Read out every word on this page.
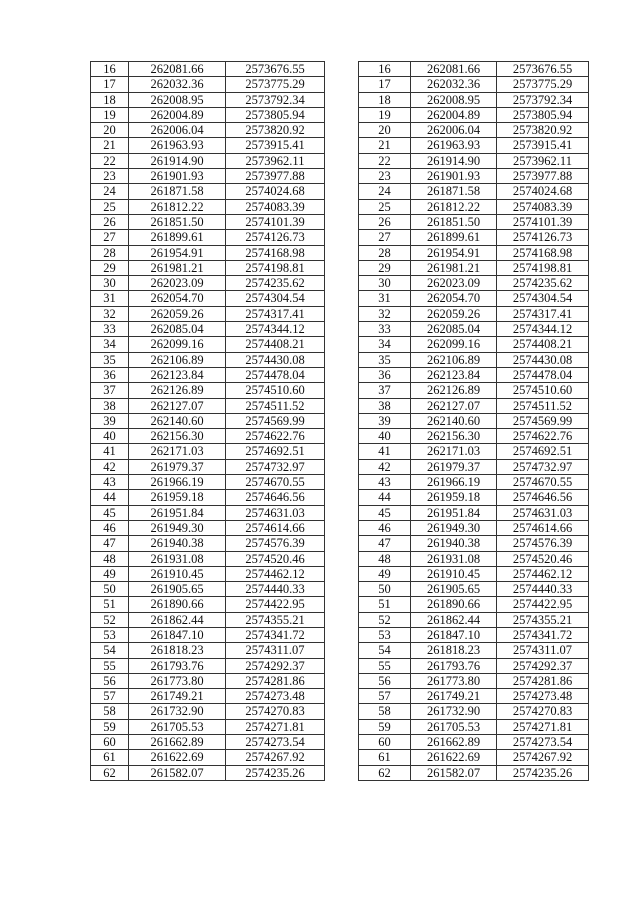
16	262081.66	2573676.55
17	262032.36	2573775.29
18	262008.95	2573792.34
19	262004.89	2573805.94
20	262006.04	2573820.92
21	261963.93	2573915.41
22	261914.90	2573962.11
23	261901.93	2573977.88
24	261871.58	2574024.68
25	261812.22	2574083.39
26	261851.50	2574101.39
27	261899.61	2574126.73
28	261954.91	2574168.98
29	261981.21	2574198.81
30	262023.09	2574235.62
31	262054.70	2574304.54
32	262059.26	2574317.41
33	262085.04	2574344.12
34	262099.16	2574408.21
35	262106.89	2574430.08
36	262123.84	2574478.04
37	262126.89	2574510.60
38	262127.07	2574511.52
39	262140.60	2574569.99
40	262156.30	2574622.76
41	262171.03	2574692.51
42	261979.37	2574732.97
43	261966.19	2574670.55
44	261959.18	2574646.56
45	261951.84	2574631.03
46	261949.30	2574614.66
47	261940.38	2574576.39
48	261931.08	2574520.46
49	261910.45	2574462.12
50	261905.65	2574440.33
51	261890.66	2574422.95
52	261862.44	2574355.21
53	261847.10	2574341.72
54	261818.23	2574311.07
55	261793.76	2574292.37
56	261773.80	2574281.86
57	261749.21	2574273.48
58	261732.90	2574270.83
59	261705.53	2574271.81
60	261662.89	2574273.54
61	261622.69	2574267.92
62	261582.07	2574235.26
16	262081.66	2573676.55
17	262032.36	2573775.29
18	262008.95	2573792.34
19	262004.89	2573805.94
20	262006.04	2573820.92
21	261963.93	2573915.41
22	261914.90	2573962.11
23	261901.93	2573977.88
24	261871.58	2574024.68
25	261812.22	2574083.39
26	261851.50	2574101.39
27	261899.61	2574126.73
28	261954.91	2574168.98
29	261981.21	2574198.81
30	262023.09	2574235.62
31	262054.70	2574304.54
32	262059.26	2574317.41
33	262085.04	2574344.12
34	262099.16	2574408.21
35	262106.89	2574430.08
36	262123.84	2574478.04
37	262126.89	2574510.60
38	262127.07	2574511.52
39	262140.60	2574569.99
40	262156.30	2574622.76
41	262171.03	2574692.51
42	261979.37	2574732.97
43	261966.19	2574670.55
44	261959.18	2574646.56
45	261951.84	2574631.03
46	261949.30	2574614.66
47	261940.38	2574576.39
48	261931.08	2574520.46
49	261910.45	2574462.12
50	261905.65	2574440.33
51	261890.66	2574422.95
52	261862.44	2574355.21
53	261847.10	2574341.72
54	261818.23	2574311.07
55	261793.76	2574292.37
56	261773.80	2574281.86
57	261749.21	2574273.48
58	261732.90	2574270.83
59	261705.53	2574271.81
60	261662.89	2574273.54
61	261622.69	2574267.92
62	261582.07	2574235.26
